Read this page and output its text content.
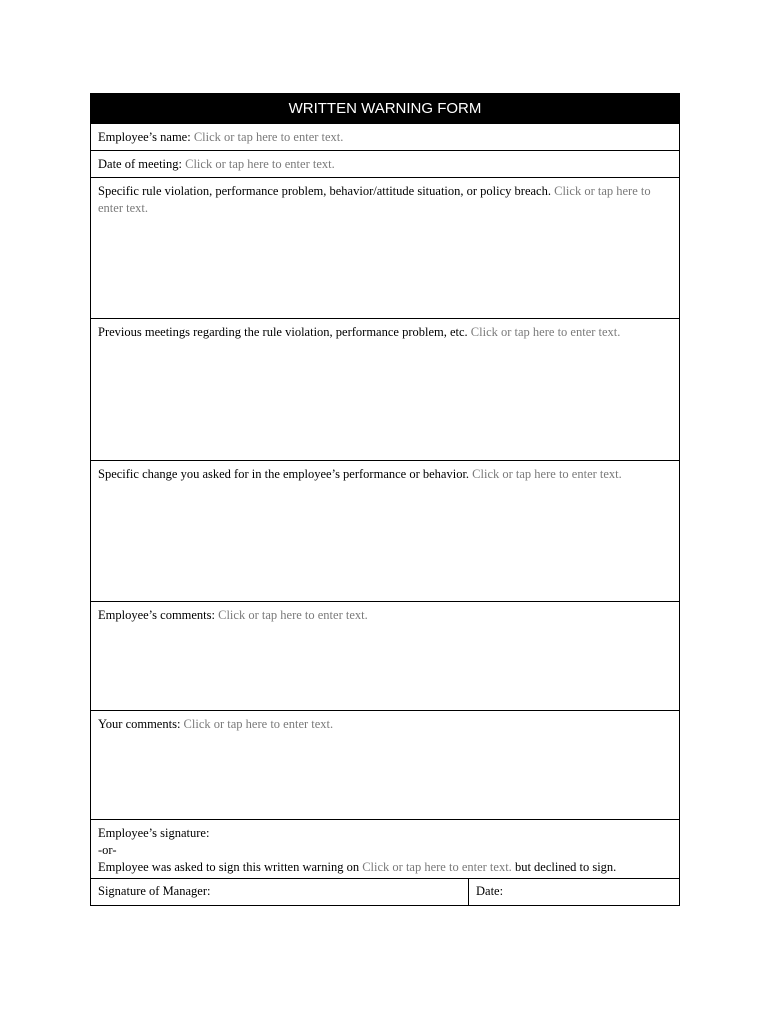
WRITTEN WARNING FORM
Employee’s name: Click or tap here to enter text.
Date of meeting: Click or tap here to enter text.
Specific rule violation, performance problem, behavior/attitude situation, or policy breach. Click or tap here to enter text.
Previous meetings regarding the rule violation, performance problem, etc. Click or tap here to enter text.
Specific change you asked for in the employee’s performance or behavior. Click or tap here to enter text.
Employee’s comments: Click or tap here to enter text.
Your comments: Click or tap here to enter text.
Employee’s signature:
-or-
Employee was asked to sign this written warning on Click or tap here to enter text. but declined to sign.
Signature of Manager:	Date:
